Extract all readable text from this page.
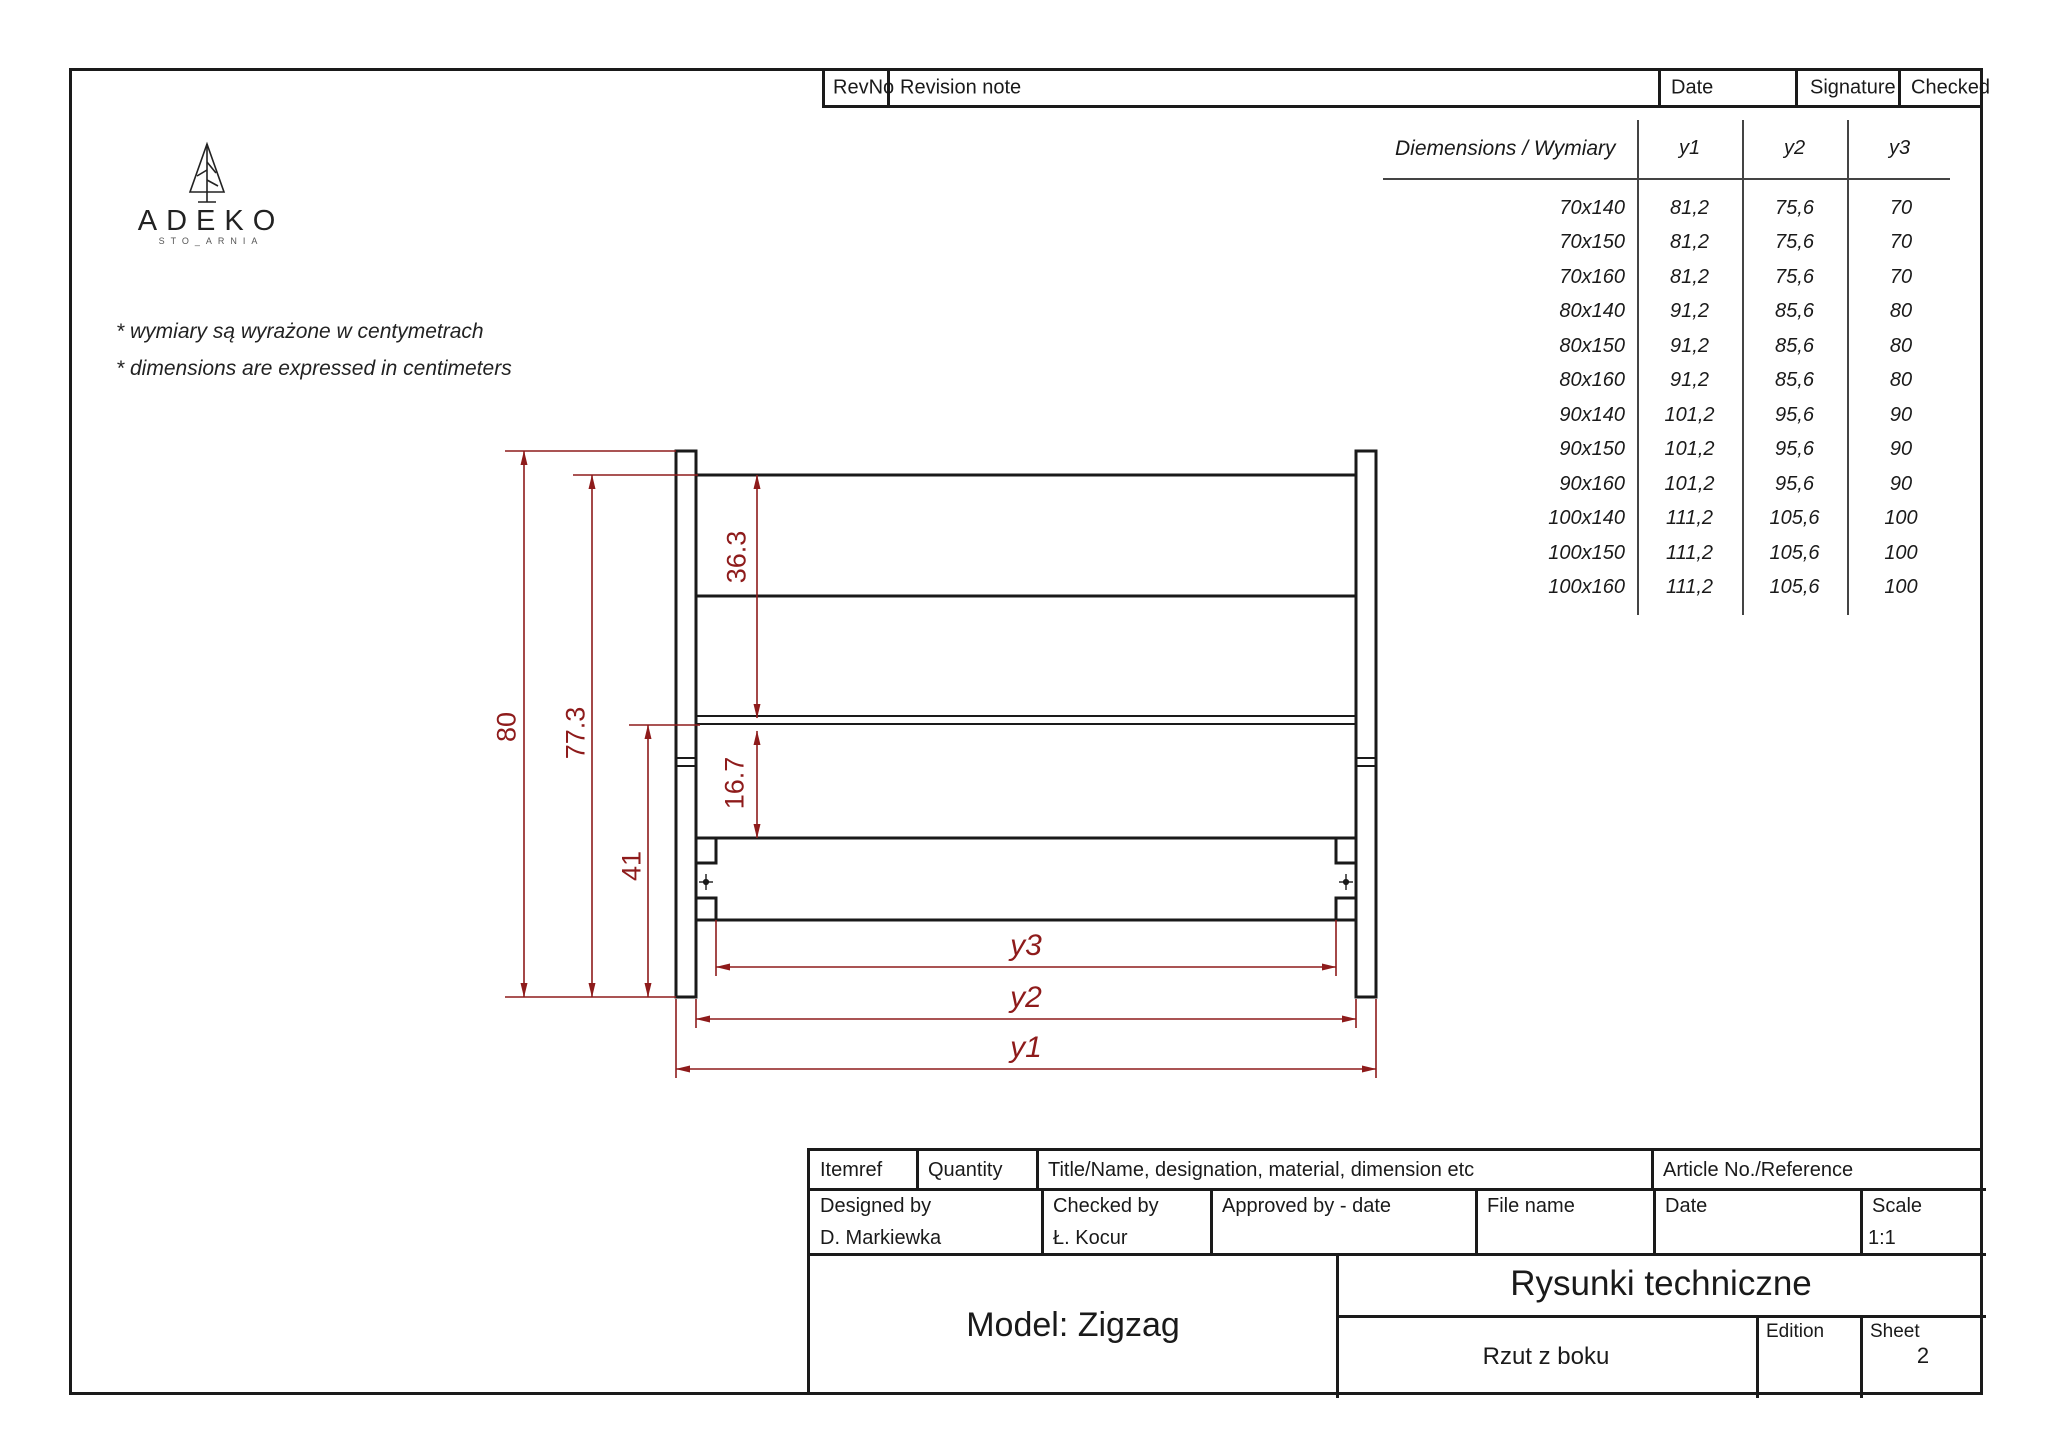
RevNo Revision note	Date	Signature Checked
ADEKO
STO_ARNIA
* wymiary są wyrażone w centymetrach
* dimensions are expressed in centimeters
Diemensions / Wymiary	y1	y2	y3
70x140	81,2	75,6	70
70x150	81,2	75,6	70
70x160	81,2	75,6	70
80x140	91,2	85,6	80
80x150	91,2	85,6	80
80x160	91,2	85,6	80
90x140	101,2	95,6	90
90x150	101,2	95,6	90
90x160	101,2	95,6	90
100x140	111,2	105,6	100
100x150	111,2	105,6	100
100x160	111,2	105,6	100
80 77.3
41
36.3
16.7
y3
y2
y1
Itemref Quantity Title/Name, designation, material, dimension etc	Article No./Reference
Designed by
D. Markiewka
Checked by
Ł. Kocur
Approved by - date	File name	Date	Scale
1:1
Model: Zigzag
Rysunki techniczne
Rzut z boku
Edition Sheet
2
